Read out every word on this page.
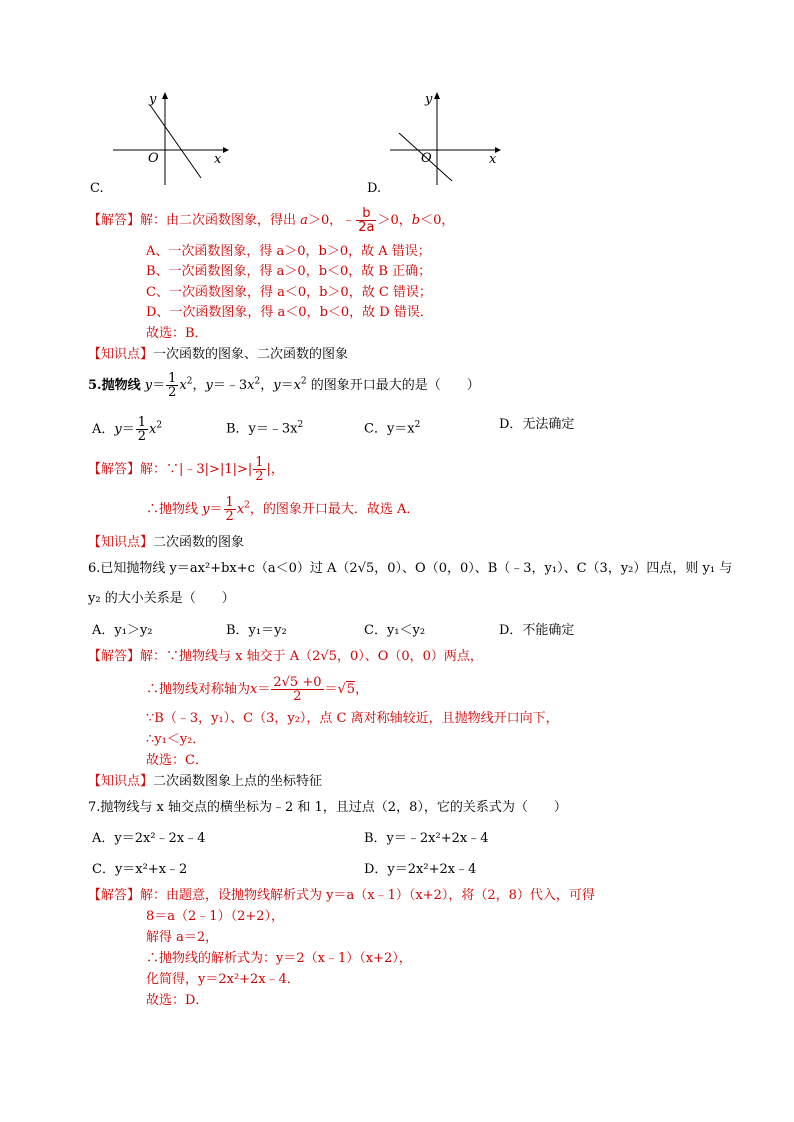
y
x
O
C.
y
x
O
D.
【解答】解：由二次函数图象，得出 a＞0，﹣ $\frac{b}{2a} >0$，b＜0，
A、一次函数图象，得 a＞0，b＞0，故 A 错误；
B、一次函数图象，得 a＞0，b＜0，故 B 正确；
C、一次函数图象，得 a＜0，b＞0，故 C 错误；
D、一次函数图象，得 a＜0，b＜0，故 D 错误．
故选：B．
【知识点】一次函数的图象、二次函数的图象
5.抛物线 $y= \frac{1}{2} x^2$，$y=﹣3x^2$，$y=x^2$ 的图象开口最大的是（　　）
A．$y= \frac{1}{2} x^2$	B．$y=﹣3x^2$	C．$y=x^2$	D．无法确定
【解答】解：∵|﹣3|>|1|>| $\frac{1}{2}$ |，
∴抛物线 $y= \frac{1}{2} x^2$，的图象开口最大．故选 A．
【知识点】二次函数的图象
6.已知抛物线 y＝ax²+bx+c（a＜0）过 A（2√5，0）、O（0，0）、B（﹣3，y₁）、C（3，y₂）四点，则 y₁ 与
y₂ 的大小关系是（　　）
A．y₁＞y₂	B．y₁＝y₂	C．y₁＜y₂	D．不能确定
【解答】解：∵抛物线与 x 轴交于 A（2√5，0）、O（0，0）两点，
∴抛物线对称轴为$x= \frac{2√5 +0}{2} =√5$，
∵B（﹣3，y₁）、C（3，y₂），点 C 离对称轴较近，且抛物线开口向下，
∴y₁＜y₂．
故选：C．
【知识点】二次函数图象上点的坐标特征
7.抛物线与 x 轴交点的横坐标为﹣2 和 1，且过点（2，8），它的关系式为（　　）
A．y＝2x²﹣2x﹣4	B．y＝﹣2x²+2x﹣4
C．y＝x²+x﹣2	D．y＝2x²+2x﹣4
【解答】解：由题意，设抛物线解析式为 y＝a（x﹣1）（x+2），将（2，8）代入，可得
8＝a（2﹣1）（2+2），
解得 a＝2，
∴抛物线的解析式为：y＝2（x﹣1）（x+2），
化简得，y＝2x²+2x﹣4．
故选：D．
